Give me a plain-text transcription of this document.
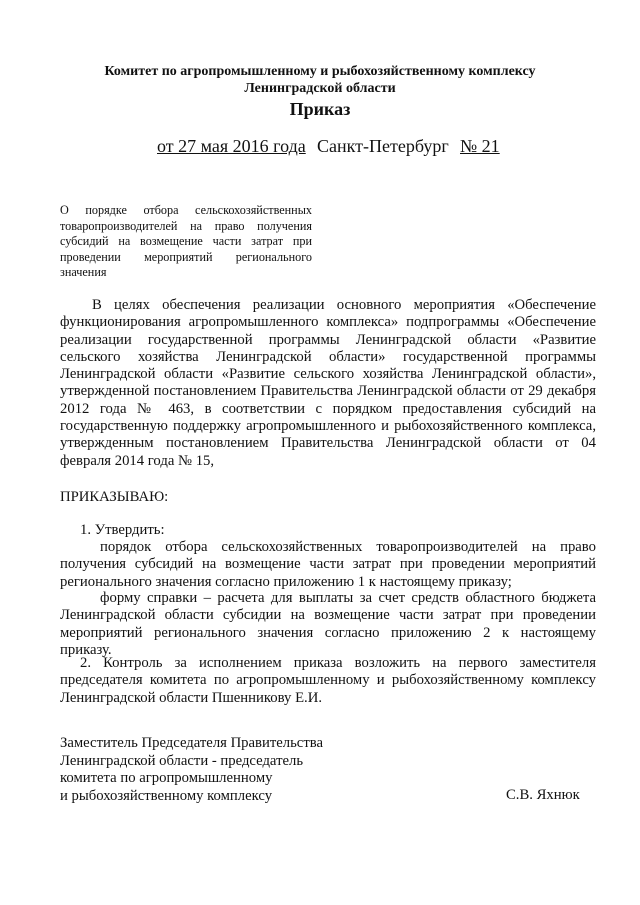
Комитет по агропромышленному и рыбохозяйственному комплексу
Ленинградской области
Приказ
от 27 мая 2016 года Санкт-Петербург № 21
О порядке отбора сельскохозяйственных
товаропроизводителей на право получения
субсидий на возмещение части затрат при
проведении мероприятий регионального
значения
В целях обеспечения реализации основного мероприятия «Обеспечение функционирования агропромышленного комплекса» подпрограммы «Обеспечение реализации государственной программы Ленинградской области «Развитие сельского хозяйства Ленинградской области» государственной программы Ленинградской области «Развитие сельского хозяйства Ленинградской области», утвержденной постановлением Правительства Ленинградской области от 29 декабря 2012 года № 463, в соответствии с порядком предоставления субсидий на государственную поддержку агропромышленного и рыбохозяйственного комплекса, утвержденным постановлением Правительства Ленинградской области от 04 февраля 2014 года № 15,
ПРИКАЗЫВАЮ:
1. Утвердить:
порядок отбора сельскохозяйственных товаропроизводителей на право получения субсидий на возмещение части затрат при проведении мероприятий регионального значения согласно приложению 1 к настоящему приказу;
форму справки – расчета для выплаты за счет средств областного бюджета Ленинградской области субсидии на возмещение части затрат при проведении мероприятий регионального значения согласно приложению 2 к настоящему приказу.
2. Контроль за исполнением приказа возложить на первого заместителя председателя комитета по агропромышленному и рыбохозяйственному комплексу Ленинградской области Пшенникову Е.И.
Заместитель Председателя Правительства
Ленинградской области - председатель
комитета по агропромышленному
и рыбохозяйственному комплексу	С.В. Яхнюк
